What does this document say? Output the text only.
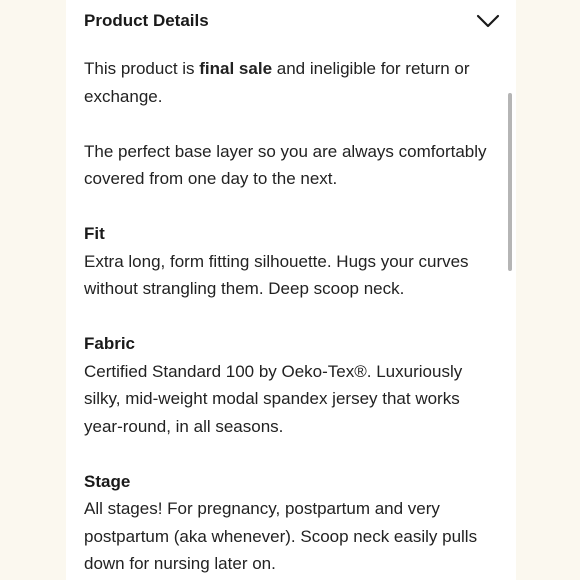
Product Details

This product is final sale and ineligible for return or exchange.

The perfect base layer so you are always comfortably covered from one day to the next.

Fit
Extra long, form fitting silhouette. Hugs your curves without strangling them. Deep scoop neck.
Fabric
Certified Standard 100 by Oeko-Tex®. Luxuriously silky, mid-weight modal spandex jersey that works year-round, in all seasons.
Stage
All stages! For pregnancy, postpartum and very postpartum (aka whenever). Scoop neck easily pulls down for nursing later on.
